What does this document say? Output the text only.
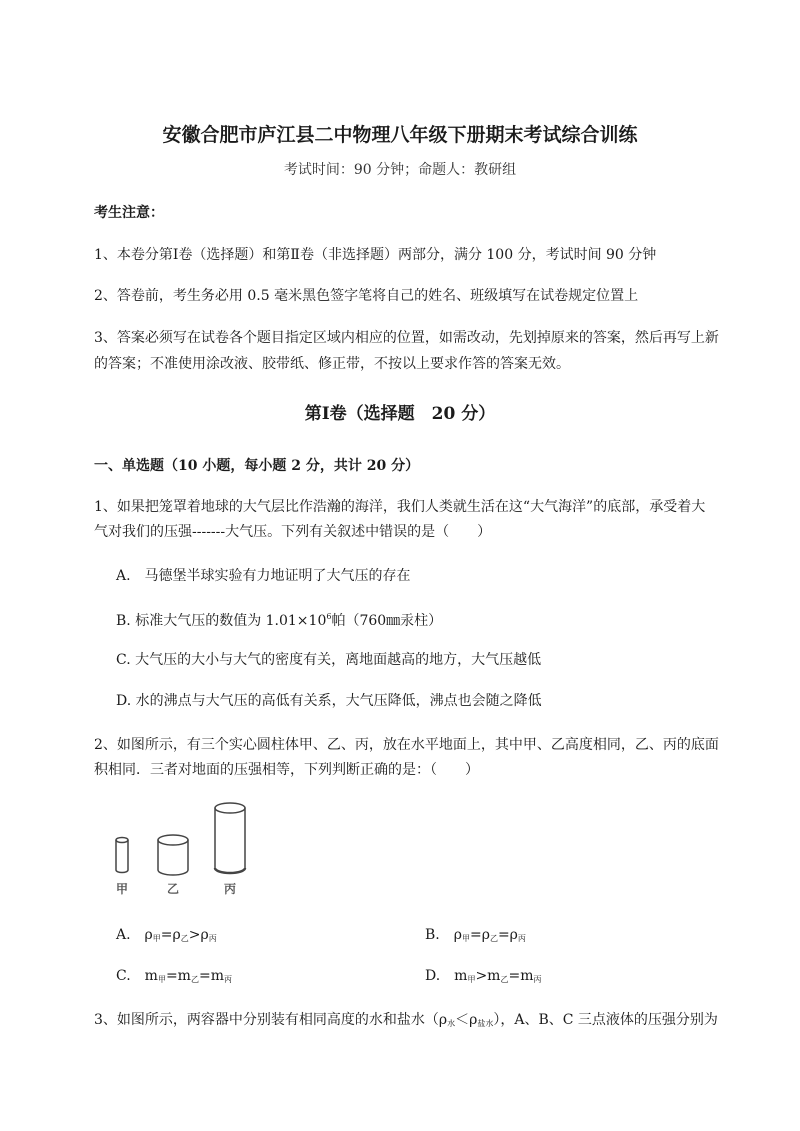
安徽合肥市庐江县二中物理八年级下册期末考试综合训练
考试时间：90 分钟；命题人：教研组
考生注意：
1、本卷分第Ⅰ卷（选择题）和第Ⅱ卷（非选择题）两部分，满分 100 分，考试时间 90 分钟
2、答卷前，考生务必用 0.5 毫米黑色签字笔将自己的姓名、班级填写在试卷规定位置上
3、答案必须写在试卷各个题目指定区域内相应的位置，如需改动，先划掉原来的答案，然后再写上新
的答案；不准使用涂改液、胶带纸、修正带，不按以上要求作答的答案无效。
第Ⅰ卷（选择题　20 分）
一、单选题（10 小题，每小题 2 分，共计 20 分）
1、如果把笼罩着地球的大气层比作浩瀚的海洋，我们人类就生活在这“大气海洋”的底部，承受着大
气对我们的压强-------大气压。下列有关叙述中错误的是（　　）
A.　马德堡半球实验有力地证明了大气压的存在
B. 标准大气压的数值为 $1.01\times 10^6$帕（760㎜汞柱）
C. 大气压的大小与大气的密度有关，离地面越高的地方，大气压越低
D. 水的沸点与大气压的高低有关系，大气压降低，沸点也会随之降低
2、如图所示，有三个实心圆柱体甲、乙、丙，放在水平地面上，其中甲、乙高度相同，乙、丙的底面
积相同．三者对地面的压强相等，下列判断正确的是：（　　）
甲	乙	丙
A.　$\rho_甲=\rho_乙>\rho_丙$	B.　$\rho_甲=\rho_乙=\rho_丙$
C.　$m_甲=m_乙=m_丙$	D.　$m_甲>m_乙=m_丙$
3、如图所示，两容器中分别装有相同高度的水和盐水$(\rho_水<\rho_{盐水})$，A、B、C 三点液体的压强分别为
